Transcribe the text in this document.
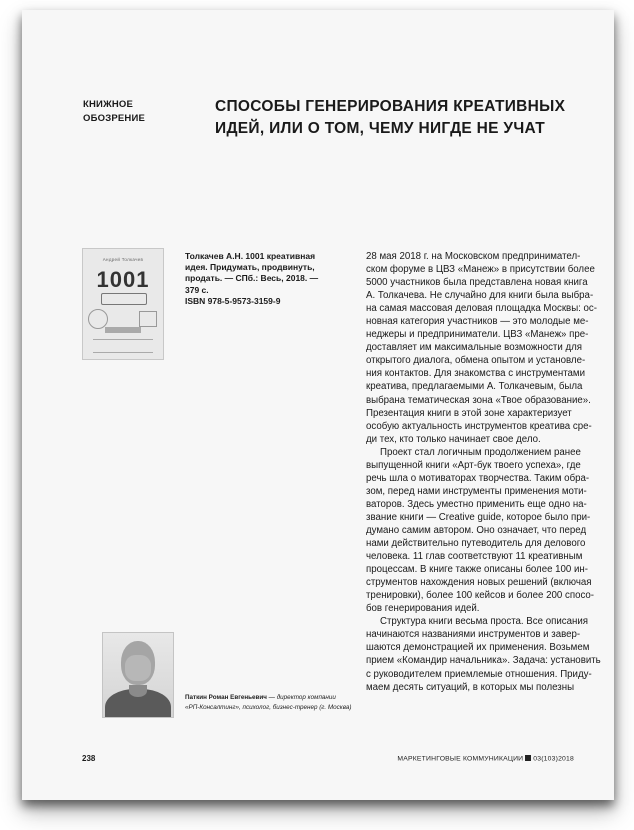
КНИЖНОЕ
ОБОЗРЕНИЕ
СПОСОБЫ ГЕНЕРИРОВАНИЯ КРЕАТИВНЫХ
ИДЕЙ, ИЛИ О ТОМ, ЧЕМУ НИГДЕ НЕ УЧАТ
Андрей Толкачев
1001
Толкачев А.Н. 1001 креативная
идея. Придумать, продвинуть,
продать. — СПб.: Весь, 2018. —
379 с.
ISBN 978-5-9573-3159-9
28 мая 2018 г. на Московском предпринимател-
ском форуме в ЦВЗ «Манеж» в присутствии более
5000 участников была представлена новая книга
А. Толкачева. Не случайно для книги была выбра-
на самая массовая деловая площадка Москвы: ос-
новная категория участников — это молодые ме-
неджеры и предприниматели. ЦВЗ «Манеж» пре-
доставляет им максимальные возможности для
открытого диалога, обмена опытом и установле-
ния контактов. Для знакомства с инструментами
креатива, предлагаемыми А. Толкачевым, была
выбрана тематическая зона «Твое образование».
Презентация книги в этой зоне характеризует
особую актуальность инструментов креатива сре-
ди тех, кто только начинает свое дело.
Проект стал логичным продолжением ранее
выпущенной книги «Арт-бук твоего успеха», где
речь шла о мотиваторах творчества. Таким обра-
зом, перед нами инструменты применения моти-
ваторов. Здесь уместно применить еще одно на-
звание книги — Creative guide, которое было при-
думано самим автором. Оно означает, что перед
нами действительно путеводитель для делового
человека. 11 глав соответствуют 11 креативным
процессам. В книге также описаны более 100 ин-
струментов нахождения новых решений (включая
тренировки), более 100 кейсов и более 200 спосо-
бов генерирования идей.
Структура книги весьма проста. Все описания
начинаются названиями инструментов и завер-
шаются демонстрацией их применения. Возьмем
прием «Командир начальника». Задача: установить
с руководителем приемлемые отношения. Приду-
маем десять ситуаций, в которых мы полезны
Паткин Роман Евгеньевич — директор компании
«РП-Консалтинг», психолог, бизнес-тренер (г. Москва)
238	МАРКЕТИНГОВЫЕ КОММУНИКАЦИИ 03(103)2018
